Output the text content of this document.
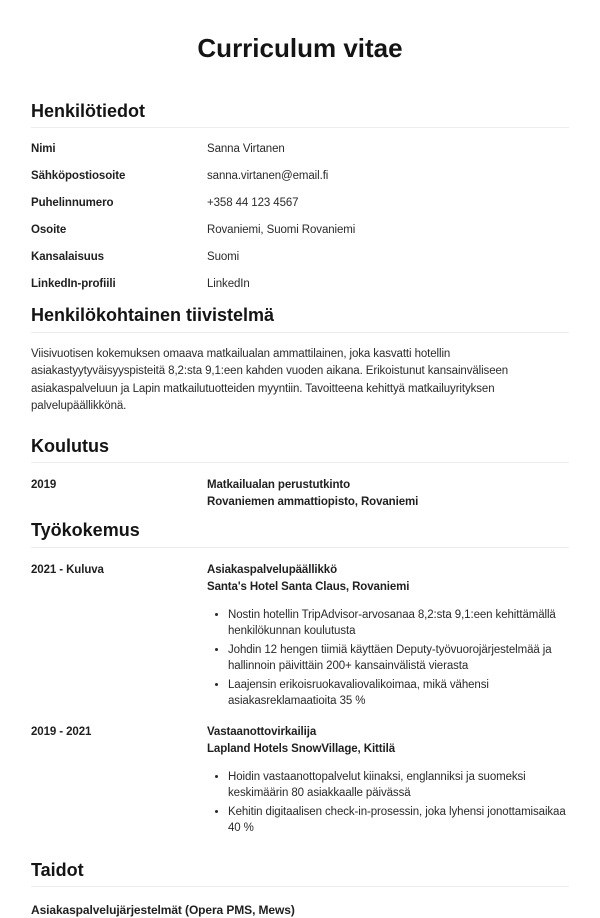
Curriculum vitae
Henkilötiedot
Nimi	Sanna Virtanen
Sähköpostiosoite	sanna.virtanen@email.fi
Puhelinnumero	+358 44 123 4567
Osoite	Rovaniemi, Suomi Rovaniemi
Kansalaisuus	Suomi
LinkedIn-profiili	LinkedIn
Henkilökohtainen tiivistelmä

Viisivuotisen kokemuksen omaava matkailualan ammattilainen, joka kasvatti hotellin asiakastyytyväisyyspisteitä 8,2:sta 9,1:een kahden vuoden aikana. Erikoistunut kansainväliseen asiakaspalveluun ja Lapin matkailutuotteiden myyntiin. Tavoitteena kehittyä matkailuyrityksen palvelupäällikkönä.

Koulutus
2019	Matkailualan perustutkinto
Rovaniemen ammattiopisto, Rovaniemi
Työkokemus
2021 - Kuluva	Asiakaspalvelupäällikkö
Santa's Hotel Santa Claus, Rovaniemi
• Nostin hotellin TripAdvisor-arvosanaa 8,2:sta 9,1:een kehittämällä henkilökunnan koulutusta
• Johdin 12 hengen tiimiä käyttäen Deputy-työvuorojärjestelmää ja hallinnoin päivittäin 200+ kansainvälistä vierasta
• Laajensin erikoisruokavaliovalikoimaa, mikä vähensi asiakasreklamaatioita 35 %
2019 - 2021	Vastaanottovirkailija
Lapland Hotels SnowVillage, Kittilä
• Hoidin vastaanottopalvelut kiinaksi, englanniksi ja suomeksi keskimäärin 80 asiakkaalle päivässä
• Kehitin digitaalisen check-in-prosessin, joka lyhensi jonottamisaikaa 40 %
Taidot
Asiakaspalvelujärjestelmät (Opera PMS, Mews)
